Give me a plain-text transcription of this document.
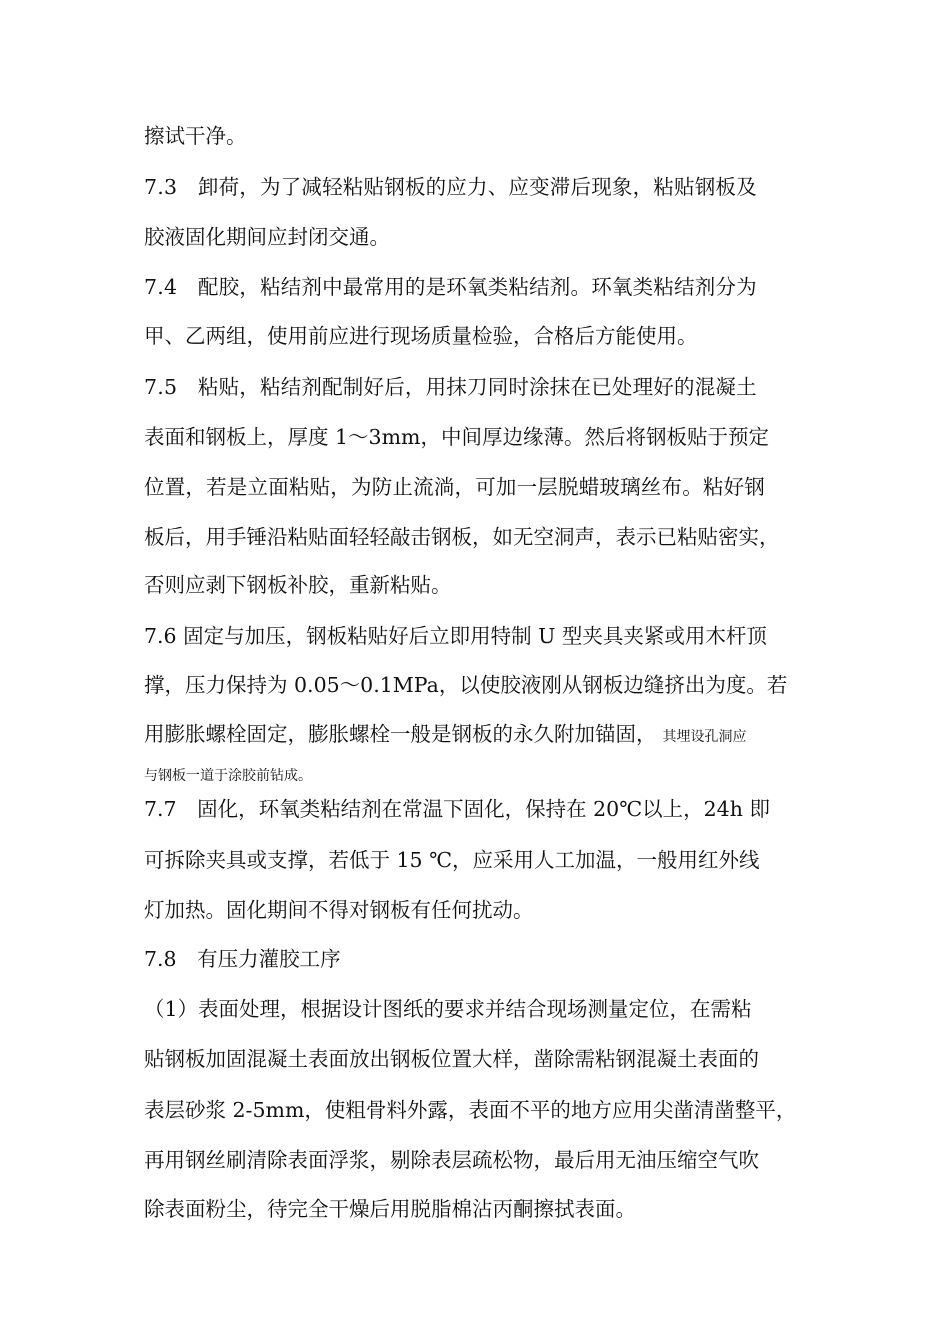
擦试干净。
7.3　卸荷，为了减轻粘贴钢板的应力、应变滞后现象，粘贴钢板及
胶液固化期间应封闭交通。
7.4　配胶，粘结剂中最常用的是环氧类粘结剂。环氧类粘结剂分为
甲、乙两组，使用前应进行现场质量检验，合格后方能使用。
7.5　粘贴，粘结剂配制好后，用抹刀同时涂抹在已处理好的混凝土
表面和钢板上，厚度 1～3mm，中间厚边缘薄。然后将钢板贴于预定
位置，若是立面粘贴，为防止流淌，可加一层脱蜡玻璃丝布。粘好钢
板后，用手锤沿粘贴面轻轻敲击钢板，如无空洞声，表示已粘贴密实，
否则应剥下钢板补胶，重新粘贴。
7.6 固定与加压，钢板粘贴好后立即用特制 U 型夹具夹紧或用木杆顶
撑，压力保持为 0.05～0.1MPa，以使胶液刚从钢板边缝挤出为度。若
用膨胀螺栓固定，膨胀螺栓一般是钢板的永久附加锚固， 其埋设孔洞应
与钢板一道于涂胶前钻成。
7.7　固化，环氧类粘结剂在常温下固化，保持在 20℃以上，24h 即
可拆除夹具或支撑，若低于 15 ℃，应采用人工加温，一般用红外线
灯加热。固化期间不得对钢板有任何扰动。
7.8　有压力灌胶工序
（1）表面处理，根据设计图纸的要求并结合现场测量定位，在需粘
贴钢板加固混凝土表面放出钢板位置大样，凿除需粘钢混凝土表面的
表层砂浆 2-5mm，使粗骨料外露，表面不平的地方应用尖凿清凿整平，
再用钢丝刷清除表面浮浆，剔除表层疏松物，最后用无油压缩空气吹
除表面粉尘，待完全干燥后用脱脂棉沾丙酮擦拭表面。
